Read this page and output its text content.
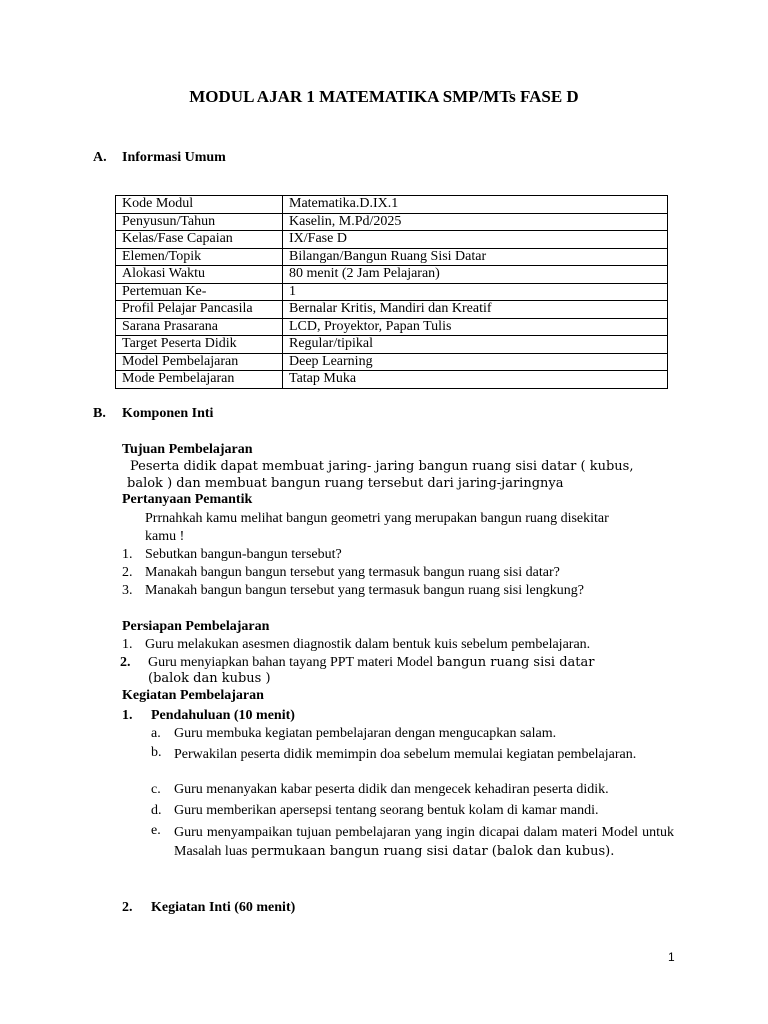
MODUL AJAR 1 MATEMATIKA SMP/MTs FASE D
A. Informasi Umum
Kode Modul	Matematika.D.IX.1
Penyusun/Tahun	Kaselin, M.Pd/2025
Kelas/Fase Capaian	IX/Fase D
Elemen/Topik	Bilangan/Bangun Ruang Sisi Datar
Alokasi Waktu	80 menit (2 Jam Pelajaran)
Pertemuan Ke-	1
Profil Pelajar Pancasila	Bernalar Kritis, Mandiri dan Kreatif
Sarana Prasarana	LCD, Proyektor, Papan Tulis
Target Peserta Didik	Regular/tipikal
Model Pembelajaran	Deep Learning
Mode Pembelajaran	Tatap Muka
B. Komponen Inti
Tujuan Pembelajaran
Peserta didik dapat membuat jaring- jaring bangun ruang sisi datar ( kubus,
balok ) dan membuat bangun ruang tersebut dari jaring-jaringnya
Pertanyaan Pemantik
Prrnahkah kamu melihat bangun geometri yang merupakan bangun ruang disekitar
kamu !
1. Sebutkan bangun-bangun tersebut?
2. Manakah bangun bangun tersebut yang termasuk bangun ruang sisi datar?
3. Manakah bangun bangun tersebut yang termasuk bangun ruang sisi lengkung?
Persiapan Pembelajaran
1. Guru melakukan asesmen diagnostik dalam bentuk kuis sebelum pembelajaran.
2. Guru menyiapkan bahan tayang PPT materi Model bangun ruang sisi datar
(balok dan kubus )
Kegiatan Pembelajaran
1. Pendahuluan (10 menit)
a. Guru membuka kegiatan pembelajaran dengan mengucapkan salam.
b. Perwakilan peserta didik memimpin doa sebelum memulai kegiatan pembelajaran.
c. Guru menanyakan kabar peserta didik dan mengecek kehadiran peserta didik.
d. Guru memberikan apersepsi tentang seorang bentuk kolam di kamar mandi.
e. Guru menyampaikan tujuan pembelajaran yang ingin dicapai dalam materi Model untuk Masalah luas permukaan bangun ruang sisi datar (balok dan kubus).
2. Kegiatan Inti (60 menit)
1
